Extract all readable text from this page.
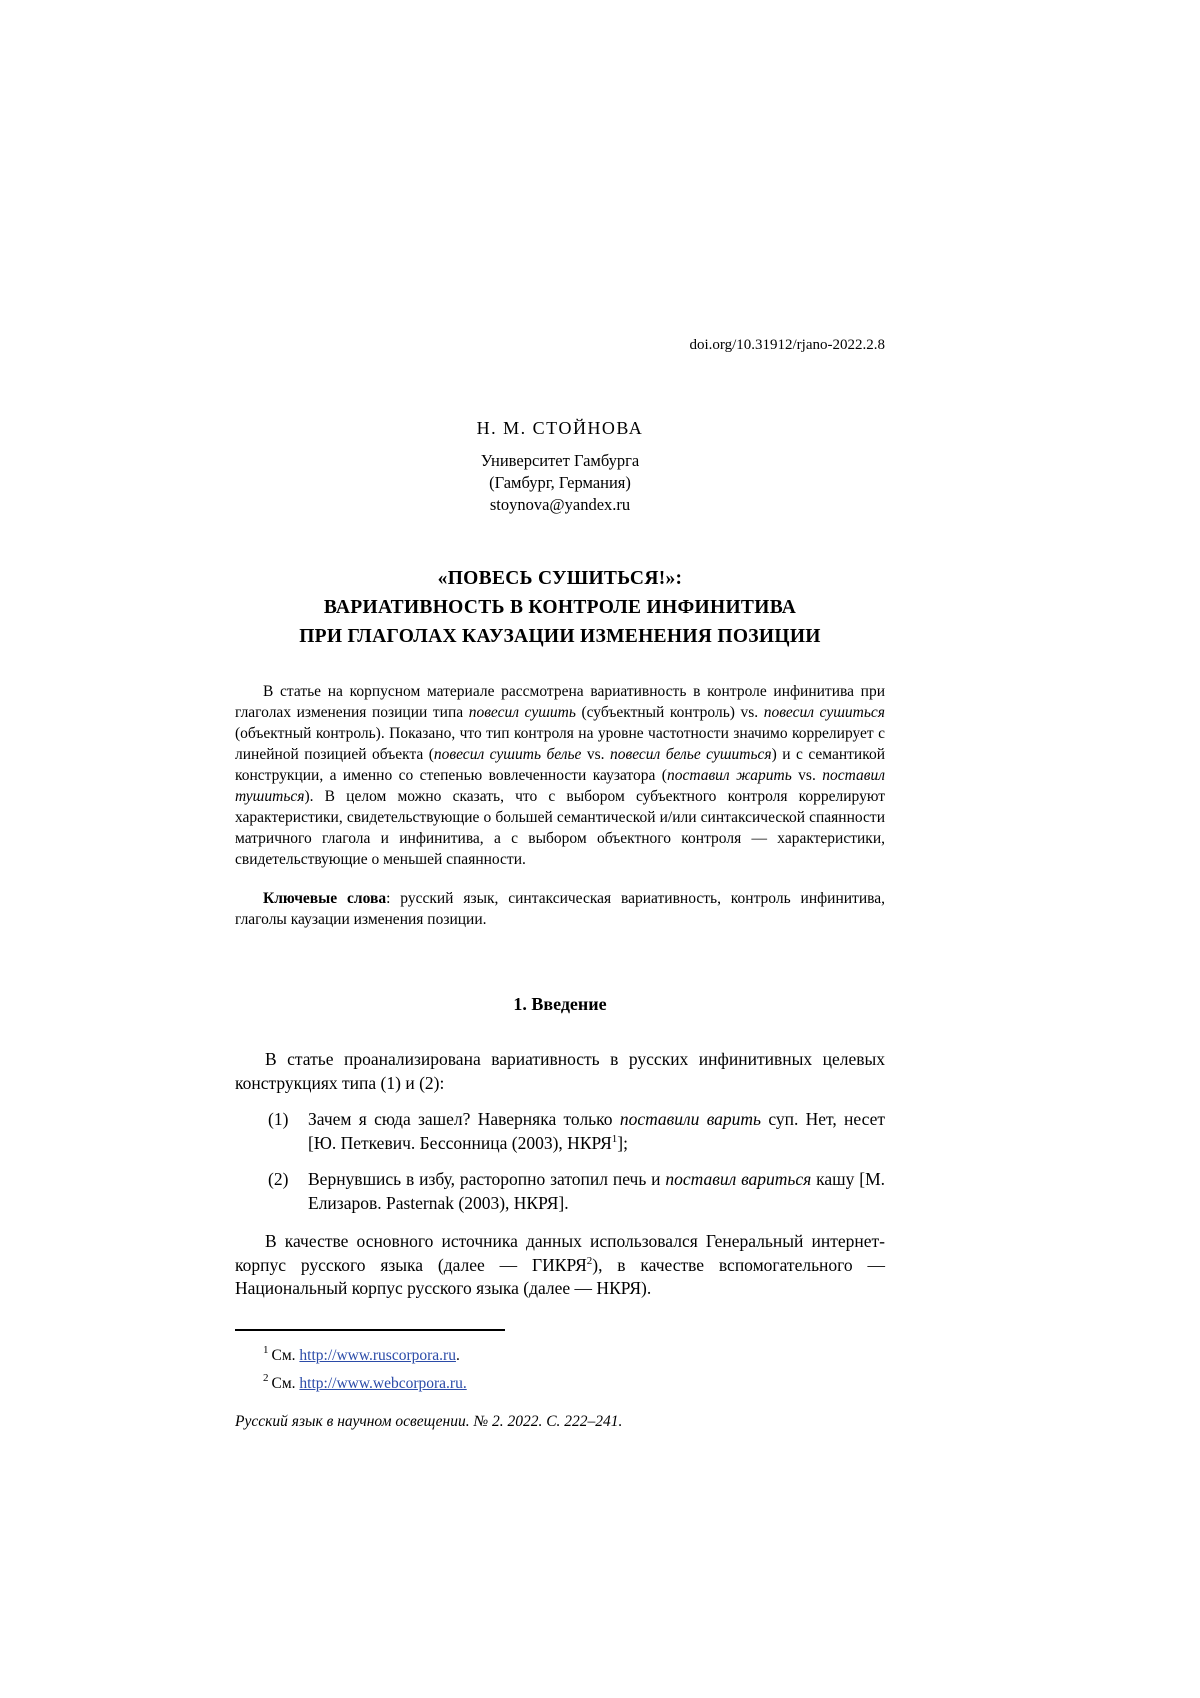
doi.org/10.31912/rjano-2022.2.8
Н. М. СТОЙНОВА
Университет Гамбурга
(Гамбург, Германия)
stoynova@yandex.ru
«ПОВЕСЬ СУШИТЬСЯ!»:
ВАРИАТИВНОСТЬ В КОНТРОЛЕ ИНФИНИТИВА
ПРИ ГЛАГОЛАХ КАУЗАЦИИ ИЗМЕНЕНИЯ ПОЗИЦИИ

В статье на корпусном материале рассмотрена вариативность в контроле инфинитива при глаголах изменения позиции типа повесил сушить (субъектный контроль) vs. повесил сушиться (объектный контроль). Показано, что тип контроля на уровне частотности значимо коррелирует с линейной позицией объекта (повесил сушить белье vs. повесил белье сушиться) и с семантикой конструкции, а именно со степенью вовлеченности каузатора (поставил жарить vs. поставил тушиться). В целом можно сказать, что с выбором субъектного контроля коррелируют характеристики, свидетельствующие о большей семантической и/или синтаксической спаянности матричного глагола и инфинитива, а с выбором объектного контроля — характеристики, свидетельствующие о меньшей спаянности.

Ключевые слова: русский язык, синтаксическая вариативность, контроль инфинитива, глаголы каузации изменения позиции.

1. Введение

В статье проанализирована вариативность в русских инфинитивных целевых конструкциях типа (1) и (2):

(1) Зачем я сюда зашел? Наверняка только поставили варить суп. Нет, несет [Ю. Петкевич. Бессонница (2003), НКРЯ$^1$];
(2) Вернувшись в избу, расторопно затопил печь и поставил вариться кашу [М. Елизаров. Pasternak (2003), НКРЯ].

В качестве основного источника данных использовался Генеральный интернет-корпус русского языка (далее — ГИКРЯ$^2$), в качестве вспомогательного — Национальный корпус русского языка (далее — НКРЯ).

$^1$ См. http://www.ruscorpora.ru.
$^2$ См. http://www.webcorpora.ru.
Русский язык в научном освещении. № 2. 2022. С. 222–241.
